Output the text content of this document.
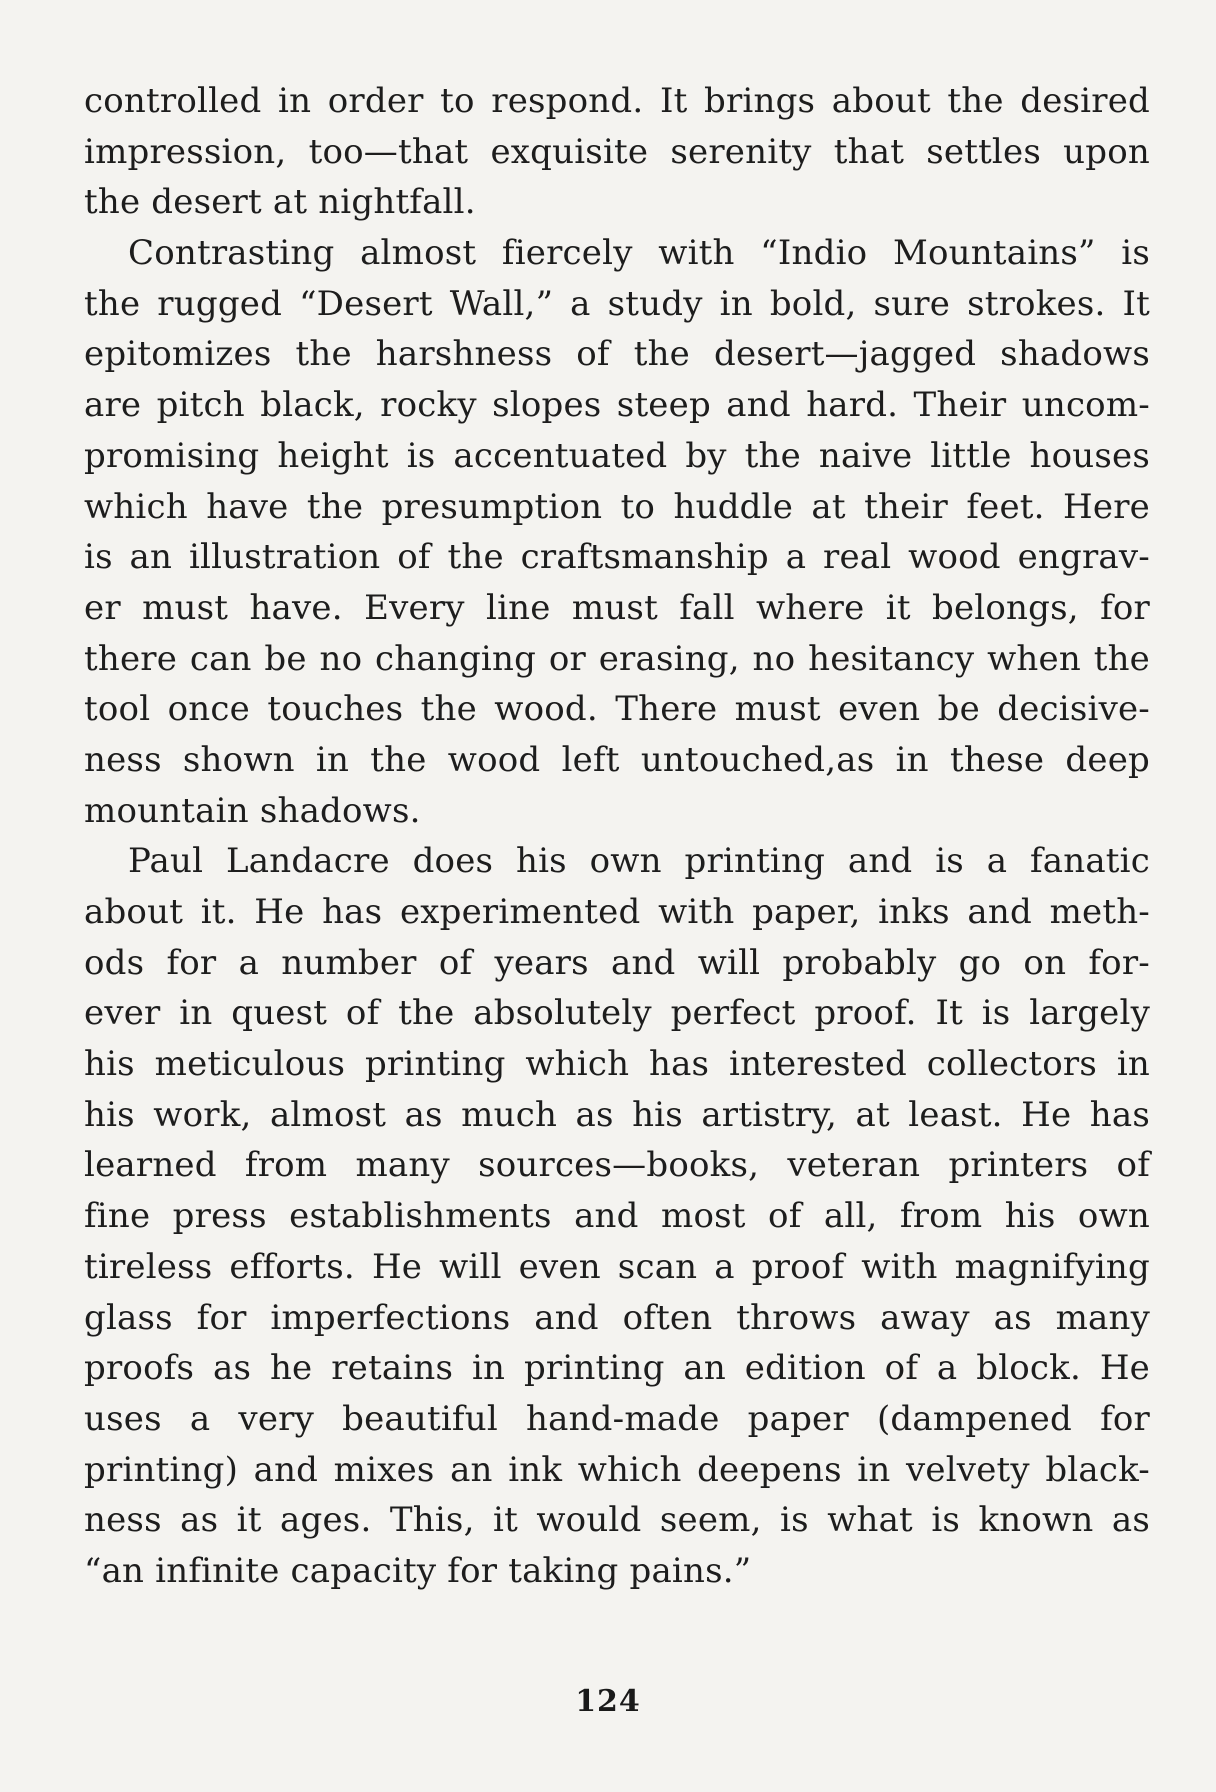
controlled in order to respond. It brings about the desired
impression, too—that exquisite serenity that settles upon
the desert at nightfall.
Contrasting almost fiercely with “Indio Mountains” is
the rugged “Desert Wall,” a study in bold, sure strokes. It
epitomizes the harshness of the desert—jagged shadows
are pitch black, rocky slopes steep and hard. Their uncom-
promising height is accentuated by the naive little houses
which have the presumption to huddle at their feet. Here
is an illustration of the craftsmanship a real wood engrav-
er must have. Every line must fall where it belongs, for
there can be no changing or erasing, no hesitancy when the
tool once touches the wood. There must even be decisive-
ness shown in the wood left untouched,as in these deep
mountain shadows.
Paul Landacre does his own printing and is a fanatic
about it. He has experimented with paper, inks and meth-
ods for a number of years and will probably go on for-
ever in quest of the absolutely perfect proof. It is largely
his meticulous printing which has interested collectors in
his work, almost as much as his artistry, at least. He has
learned from many sources—books, veteran printers of
fine press establishments and most of all, from his own
tireless efforts. He will even scan a proof with magnifying
glass for imperfections and often throws away as many
proofs as he retains in printing an edition of a block. He
uses a very beautiful hand-made paper (dampened for
printing) and mixes an ink which deepens in velvety black-
ness as it ages. This, it would seem, is what is known as
“an infinite capacity for taking pains.”
124
